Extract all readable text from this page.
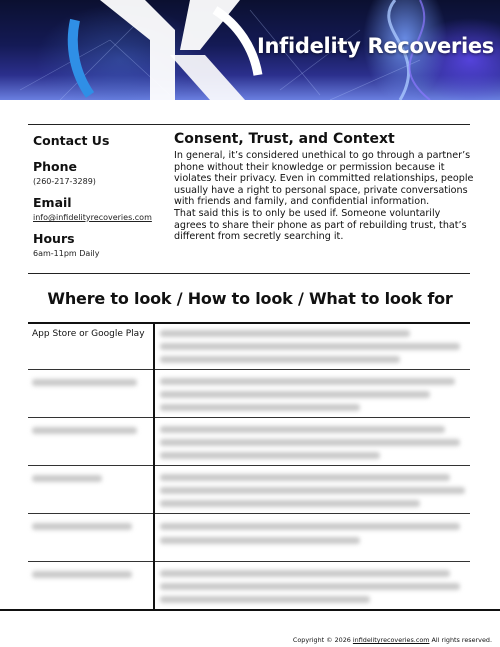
Infidelity Recoveries
Contact Us
Phone
(260-217-3289)
Email
info@infidelityrecoveries.com
Hours
6am-11pm Daily
Consent, Trust, and Context
In general, it’s considered unethical to go through a partner’s phone without their knowledge or permission because it violates their privacy. Even in committed relationships, people usually have a right to personal space, private conversations with friends and family, and confidential information.
That said this is to only be used if. Someone voluntarily agrees to share their phone as part of rebuilding trust, that’s different from secretly searching it.
Where to look / How to look / What to look for
App Store or Google Play
Copyright © 2026 infidelityrecoveries.com All rights reserved.
